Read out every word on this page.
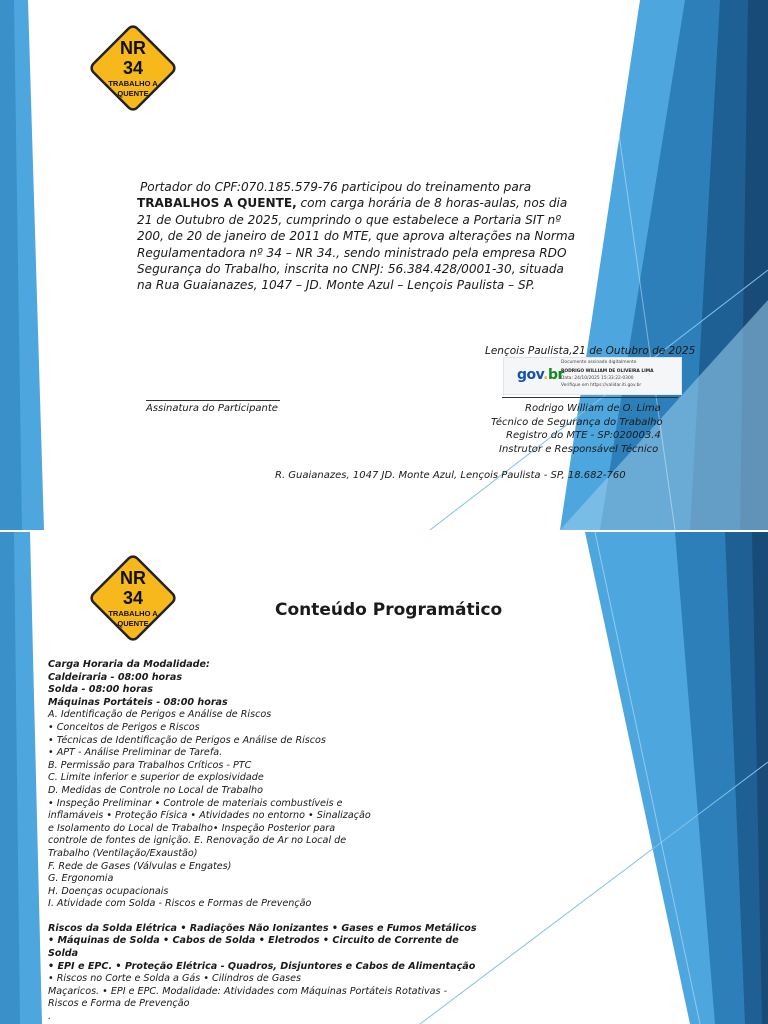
NR
34
TRABALHO A
QUENTE

Portador do CPF:070.185.579-76 participou do treinamento para TRABALHOS A QUENTE, com carga horária de 8 horas-aulas, nos dia 21 de Outubro de 2025, cumprindo o que estabelece a Portaria SIT nº 200, de 20 de janeiro de 2011 do MTE, que aprova alterações na Norma Regulamentadora nº 34 – NR 34., sendo ministrado pela empresa RDO Segurança do Trabalho, inscrita no CNPJ: 56.384.428/0001-30, situada na Rua Guaianazes, 1047 – JD. Monte Azul – Lençois Paulista – SP.

Lençois Paulista,21 de Outubro de 2025
gov.br
Documento assinado digitalmente
RODRIGO WILLIAM DE OLIVEIRA LIMA
Data: 24/10/2025 15:33:22-0300
Verifique em https://validar.iti.gov.br
Assinatura do Participante	Rodrigo William de O. Lima
Técnico de Segurança do Trabalho
Registro do MTE - SP:020003.4
Instrutor e Responsável Técnico
R. Guaianazes, 1047 JD. Monte Azul, Lençois Paulista - SP, 18.682-760
NR
34
TRABALHO A
QUENTE
Conteúdo Programático
Carga Horaria da Modalidade:
Caldeiraria - 08:00 horas
Solda - 08:00 horas
Máquinas Portáteis - 08:00 horas
A. Identificação de Perigos e Análise de Riscos
• Conceitos de Perigos e Riscos
• Técnicas de Identificação de Perigos e Análise de Riscos
• APT - Análise Preliminar de Tarefa.
B. Permissão para Trabalhos Críticos - PTC
C. Limite inferior e superior de explosividade
D. Medidas de Controle no Local de Trabalho
• Inspeção Preliminar • Controle de materiais combustíveis e
inflamáveis • Proteção Física • Atividades no entorno • Sinalização
e Isolamento do Local de Trabalho• Inspeção Posterior para
controle de fontes de ignição. E. Renovação de Ar no Local de
Trabalho (Ventilação/Exaustão)
F. Rede de Gases (Válvulas e Engates)
G. Ergonomia
H. Doenças ocupacionais
I. Atividade com Solda - Riscos e Formas de Prevenção
Riscos da Solda Elétrica • Radiações Não Ionizantes • Gases e Fumos Metálicos
• Máquinas de Solda • Cabos de Solda • Eletrodos • Circuito de Corrente de Solda
• EPI e EPC. • Proteção Elétrica - Quadros, Disjuntores e Cabos de Alimentação
• Riscos no Corte e Solda a Gás • Cilindros de Gases
Maçaricos. • EPI e EPC. Modalidade: Atividades com Máquinas Portáteis Rotativas -
Riscos e Forma de Prevenção
.
